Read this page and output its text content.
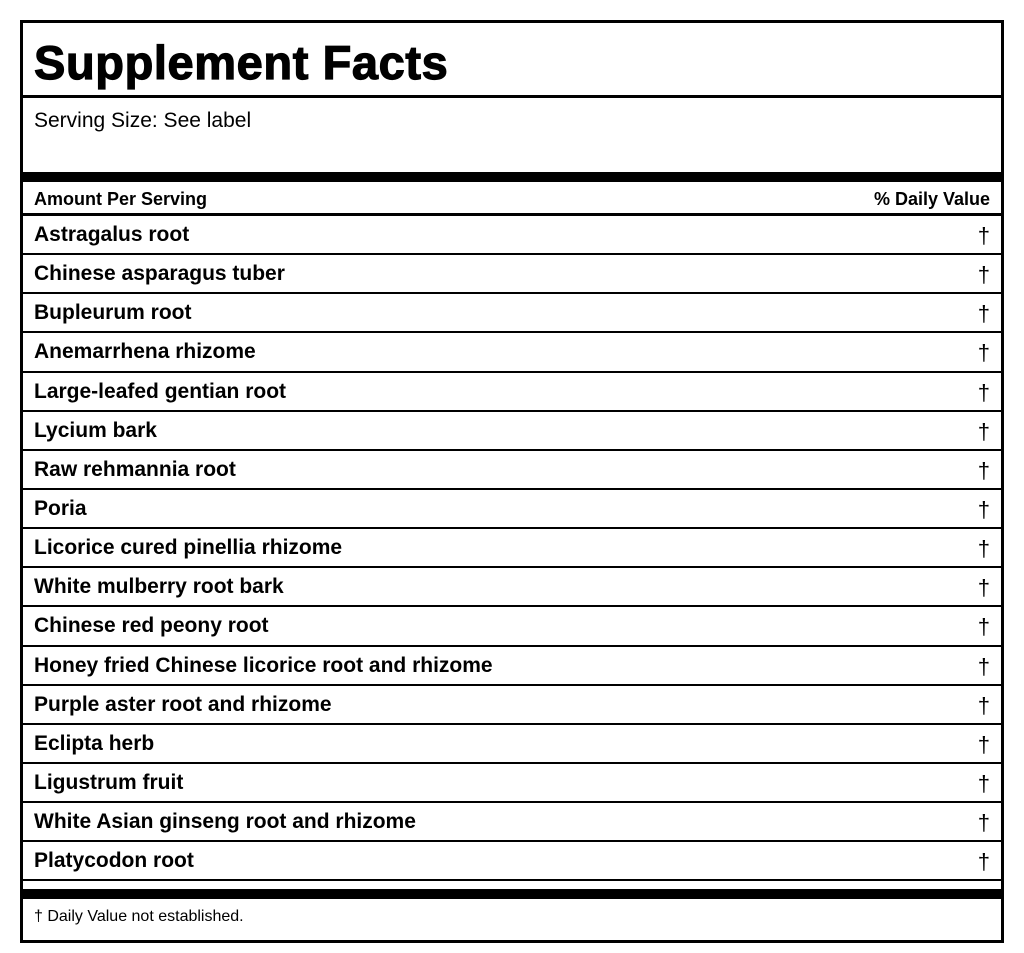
Supplement Facts
Serving Size: See label
Amount Per Serving	% Daily Value
Astragalus root	†
Chinese asparagus tuber	†
Bupleurum root	†
Anemarrhena rhizome	†
Large-leafed gentian root	†
Lycium bark	†
Raw rehmannia root	†
Poria	†
Licorice cured pinellia rhizome	†
White mulberry root bark	†
Chinese red peony root	†
Honey fried Chinese licorice root and rhizome	†
Purple aster root and rhizome	†
Eclipta herb	†
Ligustrum fruit	†
White Asian ginseng root and rhizome	†
Platycodon root	†
† Daily Value not established.
